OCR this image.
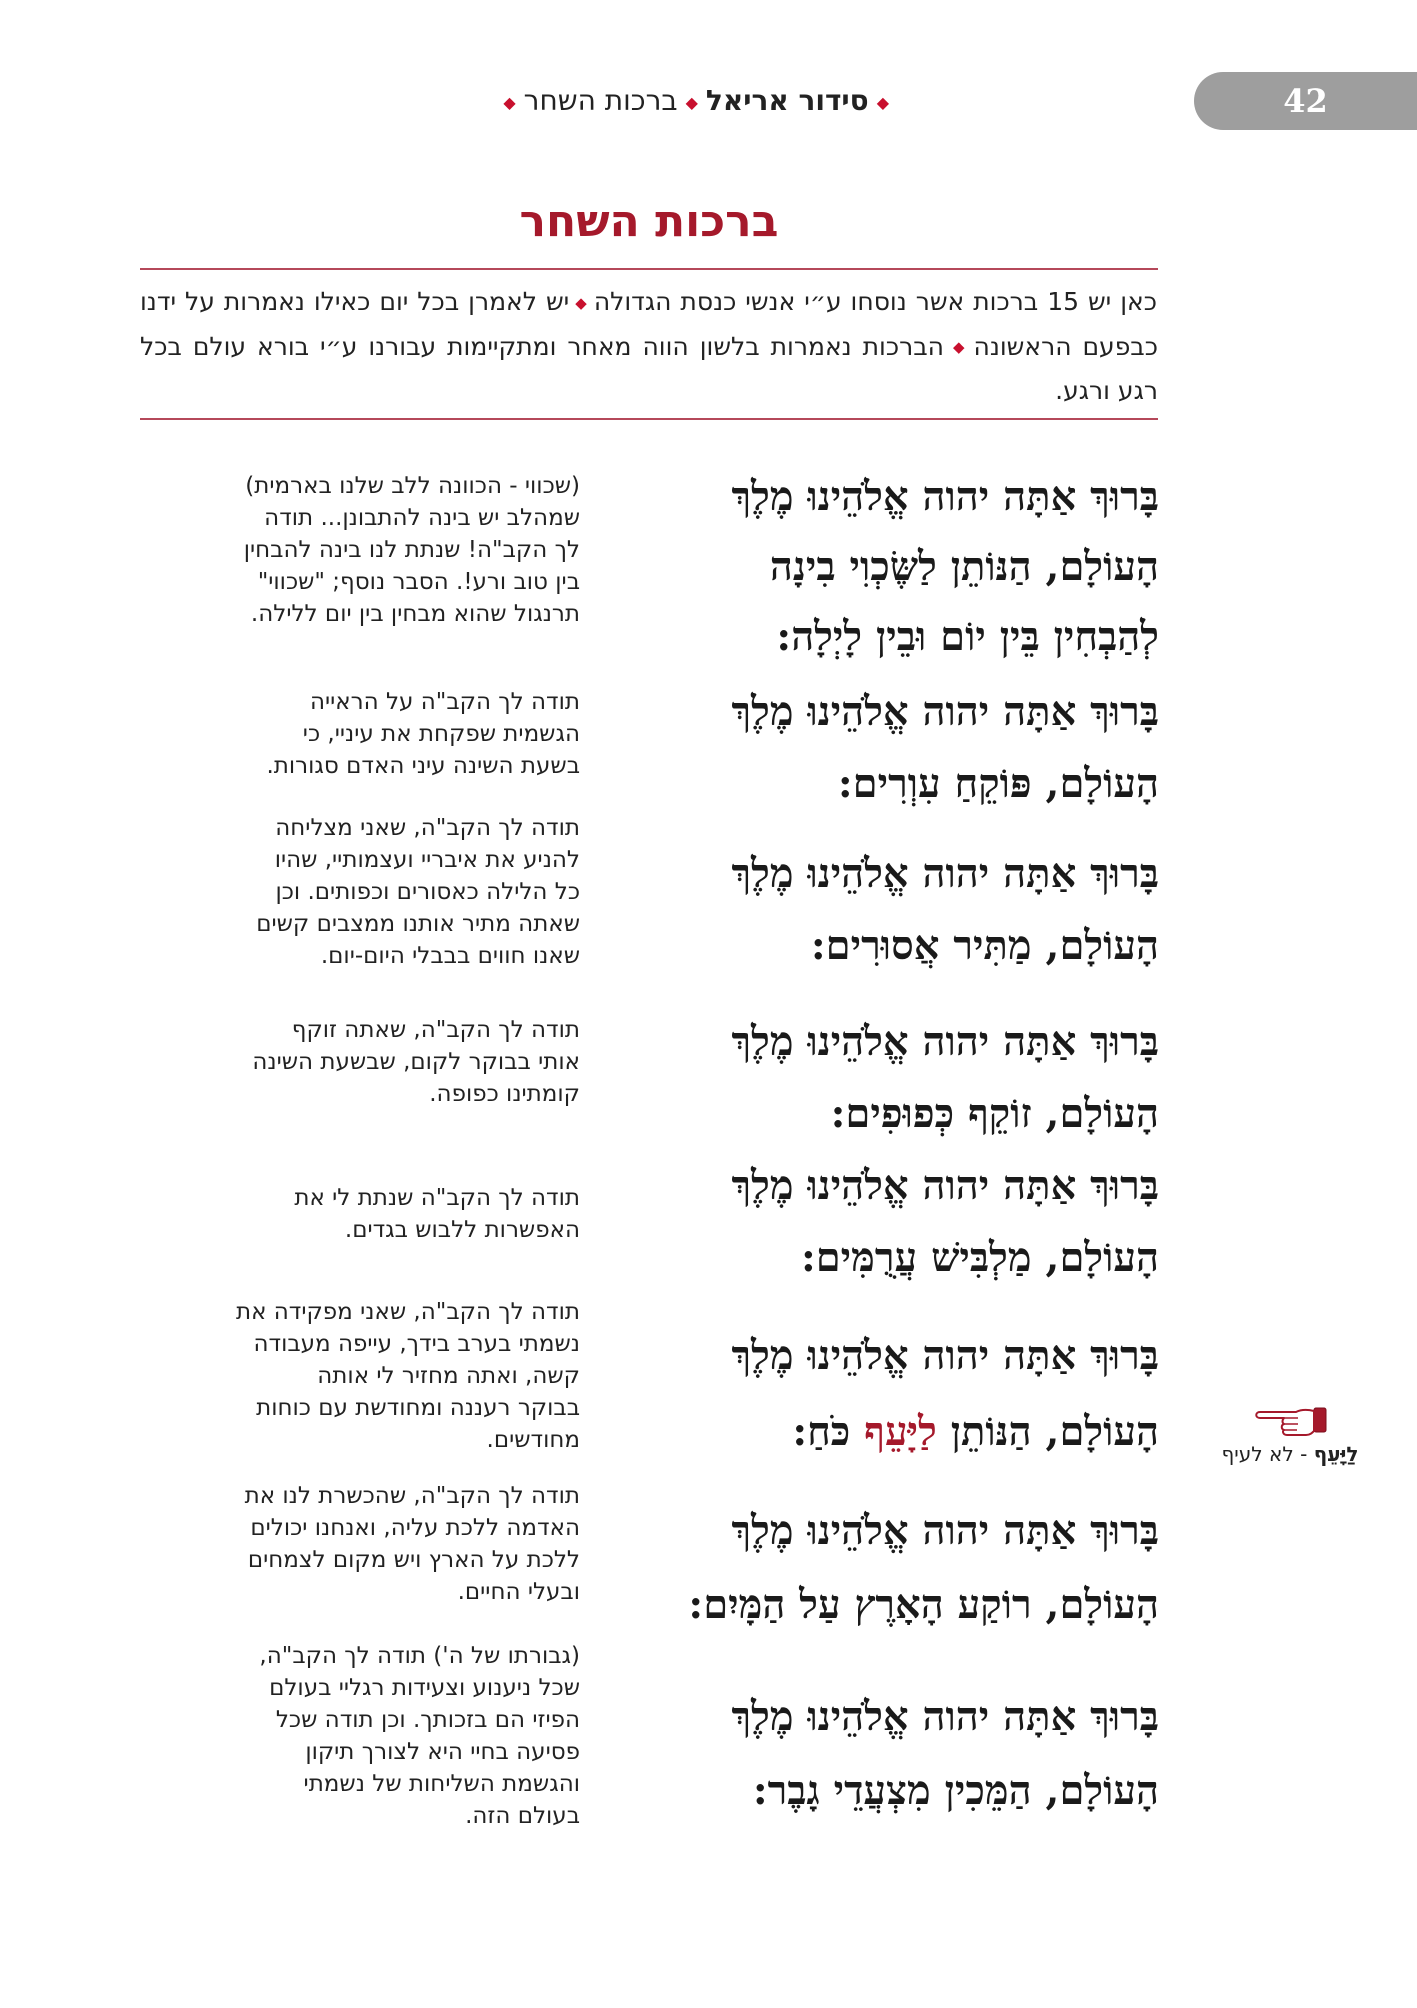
◆סידור אריאל◆ברכות השחר◆	42
ברכות השחר
כאן יש 15 ברכות אשר נוסחו ע״י אנשי כנסת הגדולה◆יש לאמרן בכל יום כאילו נאמרות על ידנו כבפעם הראשונה◆הברכות נאמרות בלשון הווה מאחר ומתקיימות עבורנו ע״י בורא עולם בכל רגע ורגע.
בָּרוּךְ אַתָּה יהוה אֱלֹהֵינוּ מֶלֶךְ
הָעוֹלָם, הַנּוֹתֵן לַשֶּׂכְוִי בִינָה
לְהַבְחִין בֵּין יוֹם וּבֵין לָיְלָה:
בָּרוּךְ אַתָּה יהוה אֱלֹהֵינוּ מֶלֶךְ
הָעוֹלָם, פּוֹקֵחַ עִוְרִים:
בָּרוּךְ אַתָּה יהוה אֱלֹהֵינוּ מֶלֶךְ
הָעוֹלָם, מַתִּיר אֲסוּרִים:
בָּרוּךְ אַתָּה יהוה אֱלֹהֵינוּ מֶלֶךְ
הָעוֹלָם, זוֹקֵף כְּפוּפִים:
בָּרוּךְ אַתָּה יהוה אֱלֹהֵינוּ מֶלֶךְ
הָעוֹלָם, מַלְבִּישׁ עֲרֻמִּים:
בָּרוּךְ אַתָּה יהוה אֱלֹהֵינוּ מֶלֶךְ
הָעוֹלָם, הַנּוֹתֵן לַיָּעֵף כֹּחַ:
בָּרוּךְ אַתָּה יהוה אֱלֹהֵינוּ מֶלֶךְ
הָעוֹלָם, רוֹקַע הָאָרֶץ עַל הַמָּיִם:
בָּרוּךְ אַתָּה יהוה אֱלֹהֵינוּ מֶלֶךְ
הָעוֹלָם, הַמֵּכִין מִצְעֲדֵי גָבֶר:
(שכווי - הכוונה ללב שלנו בארמית)
שמהלב יש בינה להתבונן... תודה
לך הקב"ה! שנתת לנו בינה להבחין
בין טוב ורע!. הסבר נוסף; "שכווי"
תרנגול שהוא מבחין בין יום ללילה.
תודה לך הקב"ה על הראייה
הגשמית שפקחת את עיניי, כי
בשעת השינה עיני האדם סגורות.
תודה לך הקב"ה, שאני מצליחה
להניע את איבריי ועצמותיי, שהיו
כל הלילה כאסורים וכפותים. וכן
שאתה מתיר אותנו ממצבים קשים
שאנו חווים בבבלי היום-יום.
תודה לך הקב"ה, שאתה זוקף
אותי בבוקר לקום, שבשעת השינה
קומתינו כפופה.
תודה לך הקב"ה שנתת לי את
האפשרות ללבוש בגדים.
תודה לך הקב"ה, שאני מפקידה את
נשמתי בערב בידך, עייפה מעבודה
קשה, ואתה מחזיר לי אותה
בבוקר רעננה ומחודשת עם כוחות
מחודשים.
תודה לך הקב"ה, שהכשרת לנו את
האדמה ללכת עליה, ואנחנו יכולים
ללכת על הארץ ויש מקום לצמחים
ובעלי החיים.
(גבורתו של ה') תודה לך הקב"ה,
שכל ניענוע וצעידות רגליי בעולם
הפיזי הם בזכותך. וכן תודה שכל
פסיעה בחיי היא לצורך תיקון
והגשמת השליחות של נשמתי
בעולם הזה.
לַיָּעֵף - לא לעיף
